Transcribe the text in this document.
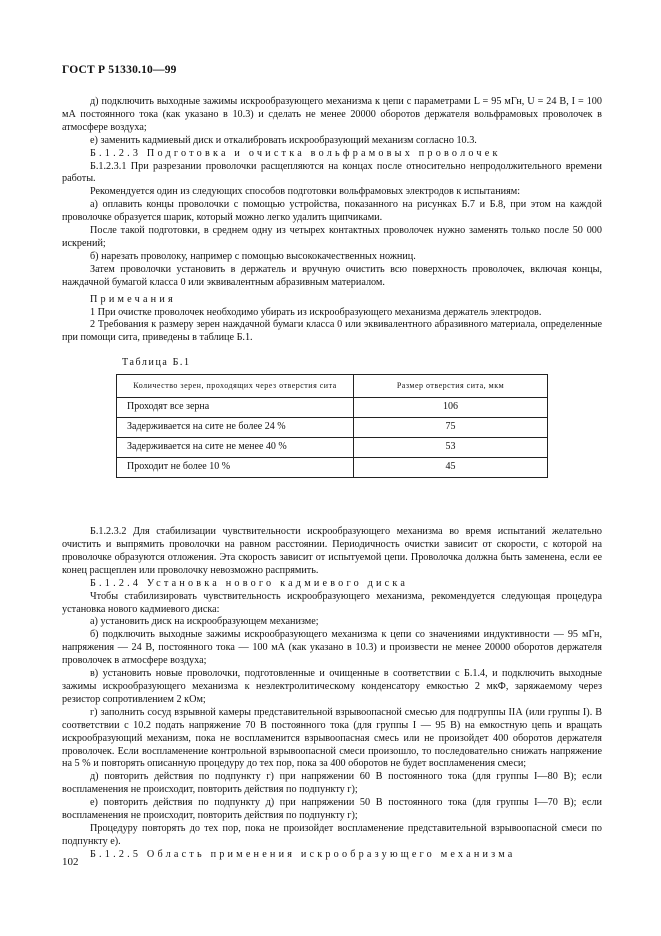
ГОСТ Р 51330.10—99

д) подключить выходные зажимы искрообразующего механизма к цепи с параметрами L = 95 мГн, U = 24 В, I = 100 мА постоянного тока (как указано в 10.3) и сделать не менее 20000 оборотов держателя вольфрамовых проволочек в атмосфере воздуха;

е) заменить кадмиевый диск и откалибровать искрообразующий механизм согласно 10.3.

Б.1.2.3 Подготовка и очистка вольфрамовых проволочек

Б.1.2.3.1 При разрезании проволочки расщепляются на концах после относительно непродолжительного времени работы.

Рекомендуется один из следующих способов подготовки вольфрамовых электродов к испытаниям:

а) оплавить концы проволочки с помощью устройства, показанного на рисунках Б.7 и Б.8, при этом на каждой проволочке образуется шарик, который можно легко удалить щипчиками.

После такой подготовки, в среднем одну из четырех контактных проволочек нужно заменять только после 50 000 искрений;

б) нарезать проволоку, например с помощью высококачественных ножниц.

Затем проволочки установить в держатель и вручную очистить всю поверхность проволочек, включая концы, наждачной бумагой класса 0 или эквивалентным абразивным материалом.

Примечания

1 При очистке проволочек необходимо убирать из искрообразующего механизма держатель электродов.

2 Требования к размеру зерен наждачной бумаги класса 0 или эквивалентного абразивного материала, определенные при помощи сита, приведены в таблице Б.1.

Таблица Б.1
Количество зерен, проходящих через отверстия сита	Размер отверстия сита, мкм
Проходят все зерна	106
Задерживается на сите не более 24 %	75
Задерживается на сите не менее 40 %	53
Проходит не более 10 %	45

Б.1.2.3.2 Для стабилизации чувствительности искрообразующего механизма во время испытаний желательно очистить и выпрямить проволочки на равном расстоянии. Периодичность очистки зависит от скорости, с которой на проволочке образуются отложения. Эта скорость зависит от испытуемой цепи. Проволочка должна быть заменена, если ее конец расщеплен или проволочку невозможно распрямить.

Б.1.2.4 Установка нового кадмиевого диска

Чтобы стабилизировать чувствительность искрообразующего механизма, рекомендуется следующая процедура установка нового кадмиевого диска:

а) установить диск на искрообразующем механизме;

б) подключить выходные зажимы искрообразующего механизма к цепи со значениями индуктивности — 95 мГн, напряжения — 24 В, постоянного тока — 100 мА (как указано в 10.3) и произвести не менее 20000 оборотов держателя проволочек в атмосфере воздуха;

в) установить новые проволочки, подготовленные и очищенные в соответствии с Б.1.4, и подключить выходные зажимы искрообразующего механизма к неэлектролитическому конденсатору емкостью 2 мкФ, заряжаемому через резистор сопротивлением 2 кОм;

г) заполнить сосуд взрывной камеры представительной взрывоопасной смесью для подгруппы IIА (или группы I). В соответствии с 10.2 подать напряжение 70 В постоянного тока (для группы I — 95 В) на емкостную цепь и вращать искрообразующий механизм, пока не воспламенится взрывоопасная смесь или не произойдет 400 оборотов держателя проволочек. Если воспламенение контрольной взрывоопасной смеси произошло, то последовательно снижать напряжение на 5 % и повторять описанную процедуру до тех пор, пока за 400 оборотов не будет воспламенения смеси;

д) повторить действия по подпункту г) при напряжении 60 В постоянного тока (для группы I—80 В); если воспламенения не происходит, повторить действия по подпункту г);

е) повторить действия по подпункту д) при напряжении 50 В постоянного тока (для группы I—70 В); если воспламенения не происходит, повторить действия по подпункту г);

Процедуру повторять до тех пор, пока не произойдет воспламенение представительной взрывоопасной смеси по подпункту е).

Б.1.2.5 Область применения искрообразующего механизма

102
